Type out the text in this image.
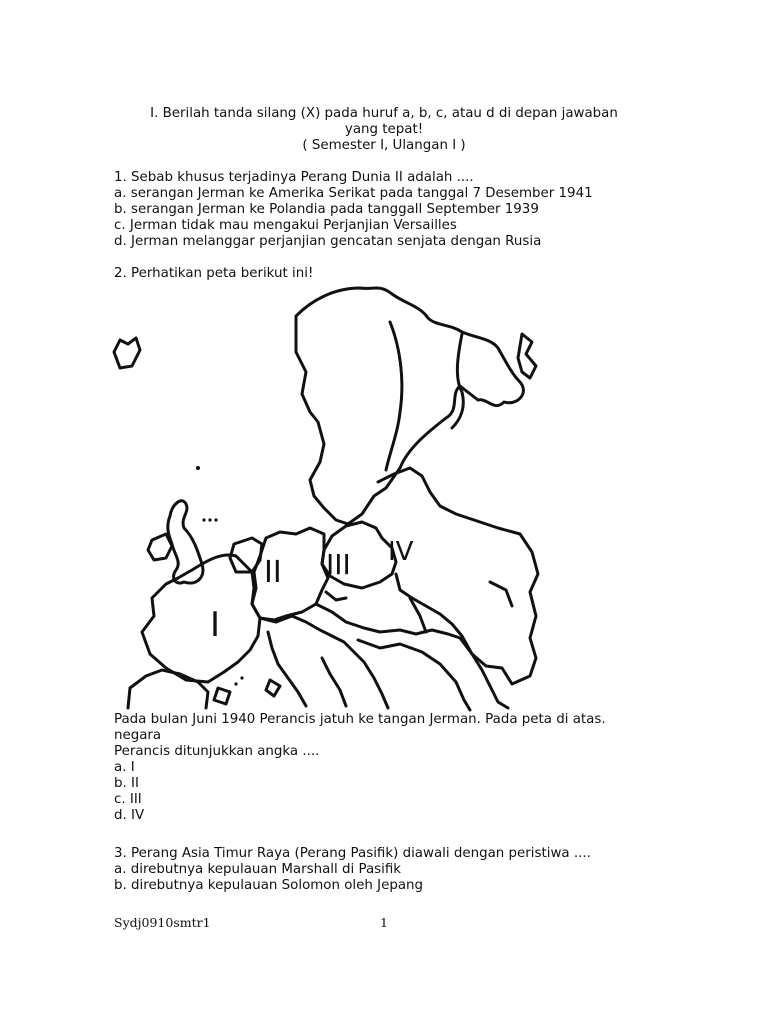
I. Berilah tanda silang (X) pada huruf a, b, c, atau d di depan jawaban
yang tepat!
( Semester I, Ulangan I )
1. Sebab khusus terjadinya Perang Dunia II adalah ....
a. serangan Jerman ke Amerika Serikat pada tanggal 7 Desember 1941
b. serangan Jerman ke Polandia pada tanggall September 1939
c. Jerman tidak mau mengakui Perjanjian Versailles
d. Jerman melanggar perjanjian gencatan senjata dengan Rusia
2. Perhatikan peta berikut ini!
I
II III IV
Pada bulan Juni 1940 Perancis jatuh ke tangan Jerman. Pada peta di atas.
negara
Perancis ditunjukkan angka ....
a. I
b. II
c. III
d. IV
3. Perang Asia Timur Raya (Perang Pasifik) diawali dengan peristiwa ....
a. direbutnya kepulauan Marshall di Pasifik
b. direbutnya kepulauan Solomon oleh Jepang
Sydj0910smtr1	1
